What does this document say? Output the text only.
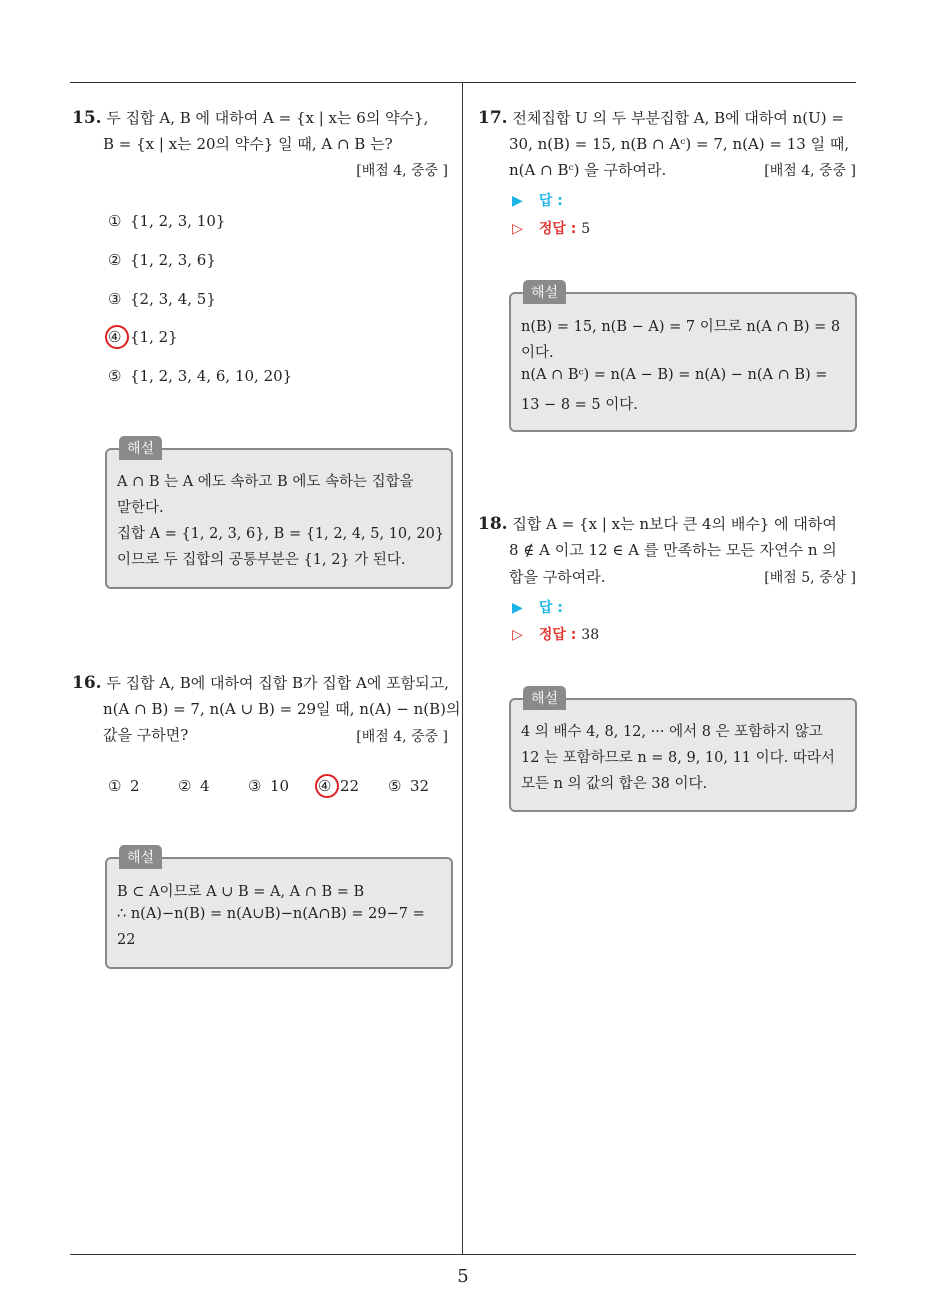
15. 두 집합 A, B 에 대하여 A = {x | x는 6의 약수},
B = {x | x는 20의 약수} 일 때, A ∩ B 는?
[배점 4, 중중 ]
① {1, 2, 3, 10}
② {1, 2, 3, 6}
③ {2, 3, 4, 5}
④ {1, 2}
⑤ {1, 2, 3, 4, 6, 10, 20}
해설
A ∩ B 는 A 에도 속하고 B 에도 속하는 집합을
말한다.
집합 A = {1, 2, 3, 6}, B = {1, 2, 4, 5, 10, 20}
이므로 두 집합의 공통부분은 {1, 2} 가 된다.
16. 두 집합 A, B에 대하여 집합 B가 집합 A에 포함되고,
n(A ∩ B) = 7, n(A ∪ B) = 29일 때, n(A) − n(B)의
값을 구하면?	[배점 4, 중중 ]
① 2	② 4	③ 10 ④ 22 ⑤ 32
해설
B ⊂ A이므로 A ∪ B = A, A ∩ B = B
∴ n(A)−n(B) = n(A∪B)−n(A∩B) = 29−7 =
22
17. 전체집합 U 의 두 부분집합 A, B에 대하여 n(U) =
30, n(B) = 15, n(B ∩ Aᶜ) = 7, n(A) = 13 일 때,
n(A ∩ Bᶜ) 을 구하여라.	[배점 4, 중중 ]
▶ 답 :
▷ 정답 : 5
해설
n(B) = 15, n(B − A) = 7 이므로 n(A ∩ B) = 8
이다.
n(A ∩ Bᶜ) = n(A − B) = n(A) − n(A ∩ B) =
13 − 8 = 5 이다.
18. 집합 A = {x | x는 n보다 큰 4의 배수} 에 대하여
8 ∉ A 이고 12 ∈ A 를 만족하는 모든 자연수 n 의
합을 구하여라.	[배점 5, 중상 ]
▶ 답 :
▷ 정답 : 38
해설
4 의 배수 4, 8, 12, ··· 에서 8 은 포함하지 않고
12 는 포함하므로 n = 8, 9, 10, 11 이다. 따라서
모든 n 의 값의 합은 38 이다.
5
